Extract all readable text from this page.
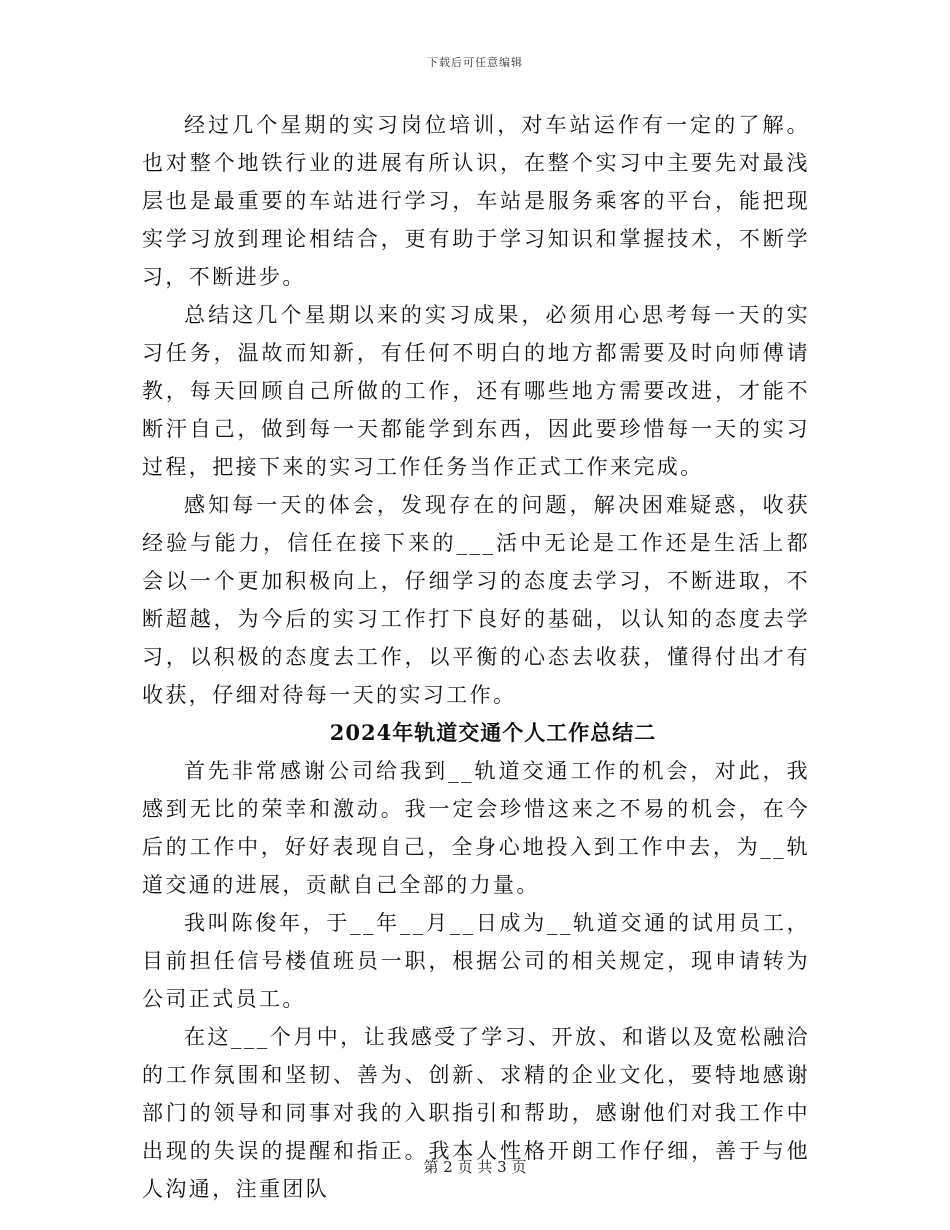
下载后可任意编辑

经过几个星期的实习岗位培训，对车站运作有一定的了解。也对整个地铁行业的进展有所认识，在整个实习中主要先对最浅层也是最重要的车站进行学习，车站是服务乘客的平台，能把现实学习放到理论相结合，更有助于学习知识和掌握技术，不断学习，不断进步。

总结这几个星期以来的实习成果，必须用心思考每一天的实习任务，温故而知新，有任何不明白的地方都需要及时向师傅请教，每天回顾自己所做的工作，还有哪些地方需要改进，才能不断汗自己，做到每一天都能学到东西，因此要珍惜每一天的实习过程，把接下来的实习工作任务当作正式工作来完成。

感知每一天的体会，发现存在的问题，解决困难疑惑，收获经验与能力，信任在接下来的___活中无论是工作还是生活上都会以一个更加积极向上，仔细学习的态度去学习，不断进取，不断超越，为今后的实习工作打下良好的基础，以认知的态度去学习，以积极的态度去工作，以平衡的心态去收获，懂得付出才有收获，仔细对待每一天的实习工作。

2024年轨道交通个人工作总结二

首先非常感谢公司给我到__轨道交通工作的机会，对此，我感到无比的荣幸和激动。我一定会珍惜这来之不易的机会，在今后的工作中，好好表现自己，全身心地投入到工作中去，为__轨道交通的进展，贡献自己全部的力量。

我叫陈俊年，于__年__月__日成为__轨道交通的试用员工，目前担任信号楼值班员一职，根据公司的相关规定，现申请转为公司正式员工。

在这___个月中，让我感受了学习、开放、和谐以及宽松融洽的工作氛围和坚韧、善为、创新、求精的企业文化，要特地感谢部门的领导和同事对我的入职指引和帮助，感谢他们对我工作中出现的失误的提醒和指正。我本人性格开朗工作仔细，善于与他人沟通，注重团队

第 2 页 共 3 页
